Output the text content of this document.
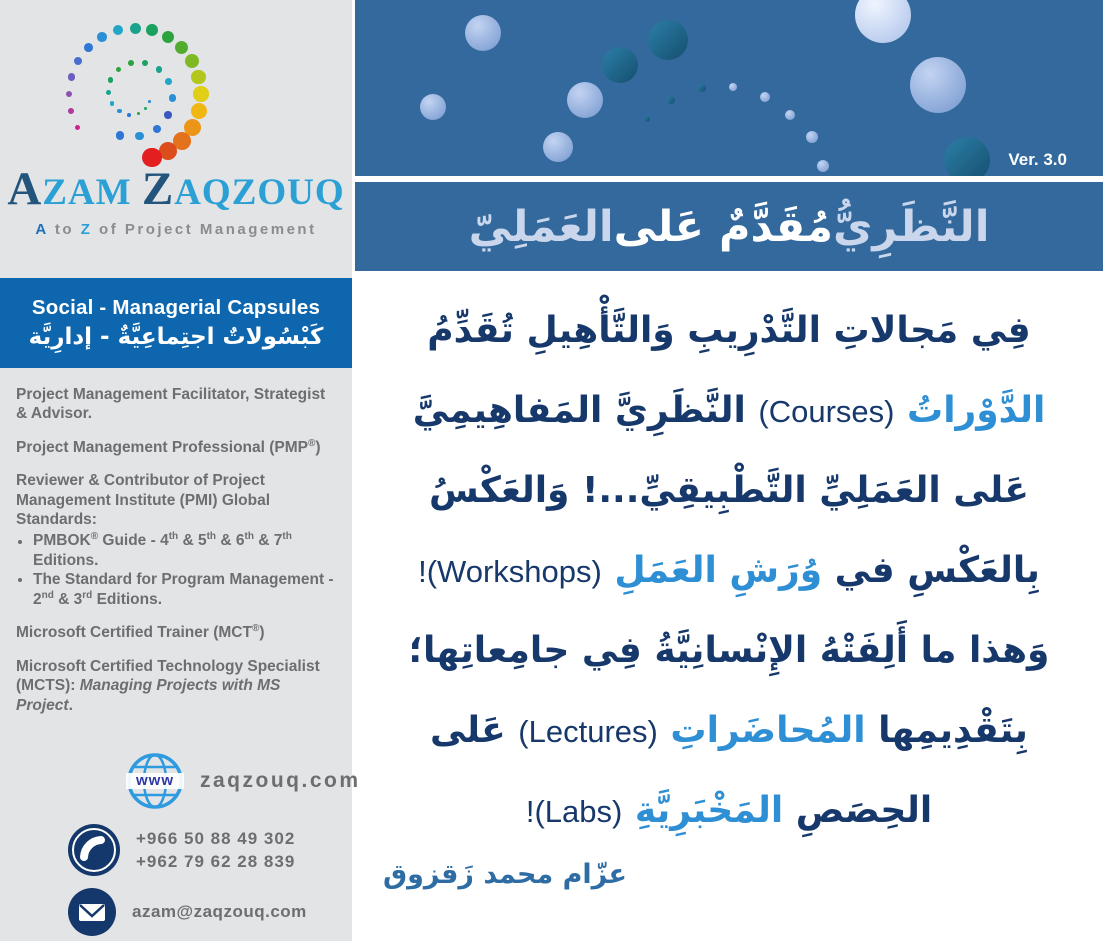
AZAM ZAQZOUQ
A to Z of Project Management
Social - Managerial Capsules
كَبْسُولاتٌ اجتِماعِيَّةٌ - إدارِيَّة

Project Management Facilitator, Strategist & Advisor.

Project Management Professional (PMP®)

Reviewer & Contributor of Project Management Institute (PMI) Global Standards:

• PMBOK® Guide - 4th & 5th & 6th & 7th Editions.
• The Standard for Program Management - 2nd & 3rd Editions.

Microsoft Certified Trainer (MCT®)

Microsoft Certified Technology Specialist (MCTS): Managing Projects with MS Project.

www	zaqzouq.com
+966 50 88 49 302
+962 79 62 28 839
azam@zaqzouq.com
Ver. 3.0
النَّظَرِيُّ
مُقَدَّمٌ عَلى
العَمَلِيّ
فِي مَجالاتِ التَّدْرِيبِ وَالتَّأْهِيلِ تُقَدِّمُ
الدَّوْراتُ (Courses) النَّظَرِيَّ المَفاهِيمِيَّ
عَلى العَمَلِيِّ التَّطْبِيقِيِّ...! وَالعَكْسُ
بِالعَكْسِ في وُرَشِ العَمَلِ (Workshops)!
وَهذا ما أَلِفَتْهُ الإِنْسانِيَّةُ فِي جامِعاتِها؛
بِتَقْدِيمِها المُحاضَراتِ (Lectures) عَلى
الحِصَصِ المَخْبَرِيَّةِ (Labs)!
عزّام محمد زَقزوق
